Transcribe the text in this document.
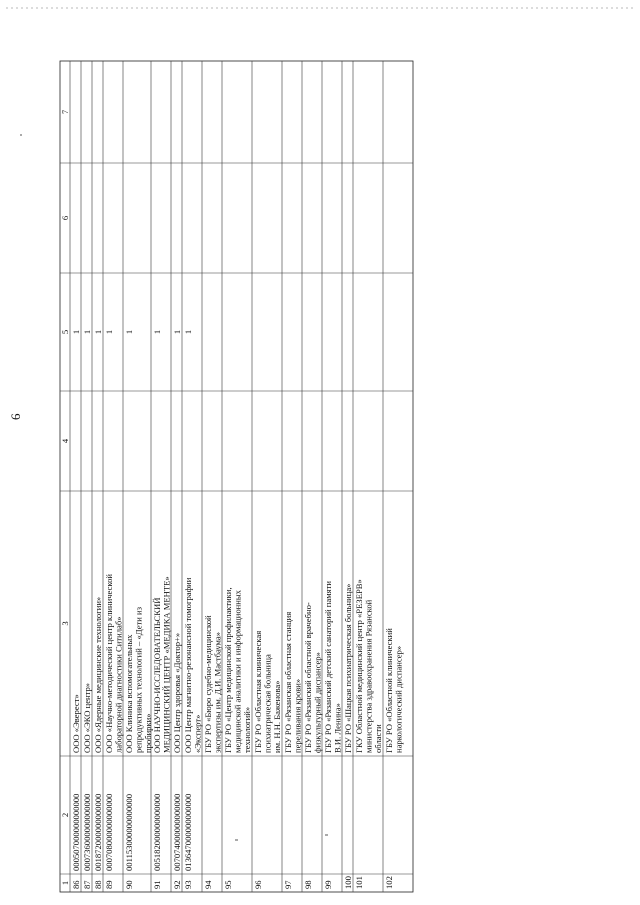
6
1
2
3
4
5
6
7
86
000507000000000000
ООО «Эверест»
1
87
000736000000000000
ООО «ЭКО центр»
1
88
001872000000000000
ООО «Ядерные медицинские технологии»
1
89
000708000000000000
ООО «Научно-методический центр клинической лабораторной диагностики Ситилаб»
1
90
001153000000000000
ООО Клиника вспомогательных репродуктивных технологий – «Дети из пробирки»
1
91
005182000000000000
ООО НАУЧНО-ИССЛЕДОВАТЕЛЬСКИЙ МЕДИЦИНСКИЙ ЦЕНТР «МЕДИКА МЕНТЕ»
1
92
007074000000000000
ООО Центр здоровья «Доктор+»
1
93
013647000000000000
ООО Центр магнитно-резонансной томографии «Эксперт»
1
94
ГБУ РО «Бюро судебно-медицинской экспертизы им. Д.И. Мастбаума»
95
ГБУ РО «Центр медицинской профилактики, медицинской аналитики и информационных технологий»
96
ГБУ РО «Областная клиническая психиатрическая больница им. Н.Н. Баженова»
97
ГБУ РО «Рязанская областная станция переливания крови»
98
ГБУ РО «Рязанский областной врачебно- физкультурный диспансер»
99
ГБУ РО «Рязанский детский санаторий памяти В.И. Ленина»
100
ГБУ РО «Шацкая психиатрическая больница»
101
ГКУ Областной медицинский центр «РЕЗЕРВ» министерства здравоохранения Рязанской области
102
ГБУ РО «Областной клинический наркологический диспансер»
